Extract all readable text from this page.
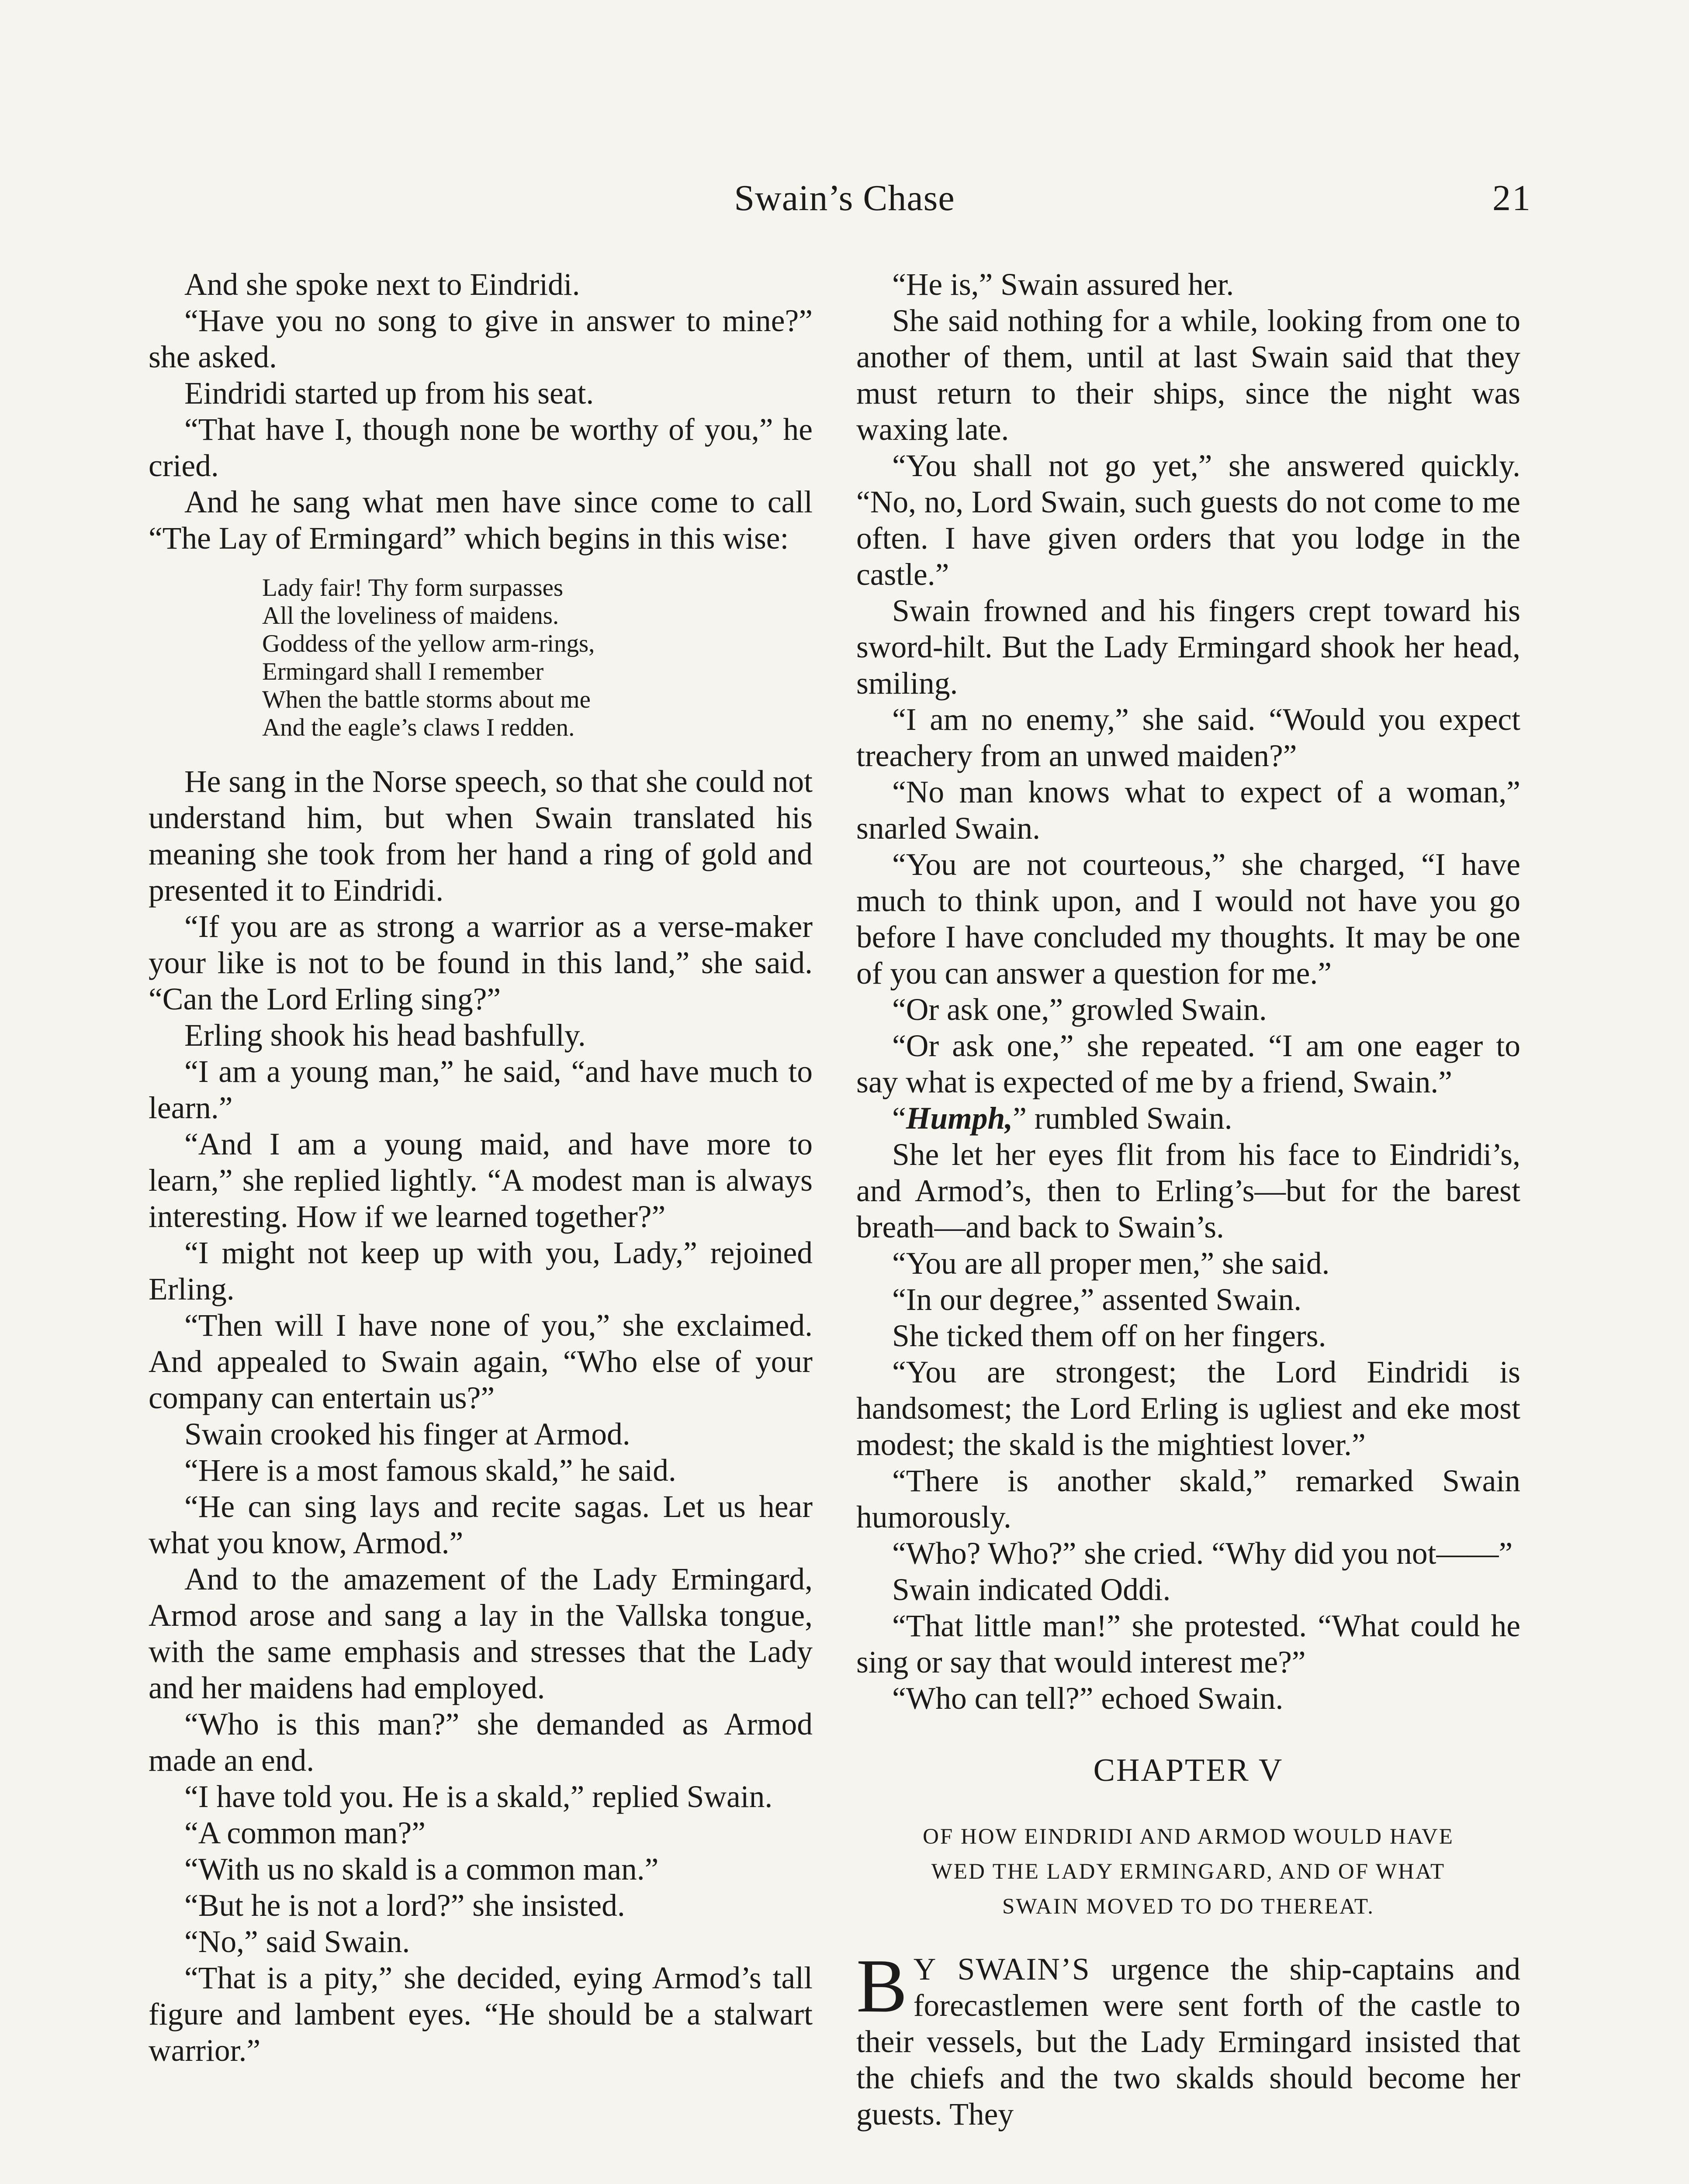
Swain’s Chase	21

And she spoke next to Eindridi.

“Have you no song to give in answer to mine?” she asked.

Eindridi started up from his seat.

“That have I, though none be worthy of you,” he cried.

And he sang what men have since come to call “The Lay of Ermingard” which begins in this wise:

Lady fair! Thy form surpasses
All the loveliness of maidens.
Goddess of the yellow arm-rings,
Ermingard shall I remember
When the battle storms about me
And the eagle’s claws I redden.

He sang in the Norse speech, so that she could not understand him, but when Swain translated his meaning she took from her hand a ring of gold and presented it to Eindridi.

“If you are as strong a warrior as a verse-maker your like is not to be found in this land,” she said. “Can the Lord Erling sing?”

Erling shook his head bashfully.

“I am a young man,” he said, “and have much to learn.”

“And I am a young maid, and have more to learn,” she replied lightly. “A modest man is always interesting. How if we learned together?”

“I might not keep up with you, Lady,” rejoined Erling.

“Then will I have none of you,” she exclaimed. And appealed to Swain again, “Who else of your company can entertain us?”

Swain crooked his finger at Armod.

“Here is a most famous skald,” he said.

“He can sing lays and recite sagas. Let us hear what you know, Armod.”

And to the amazement of the Lady Ermingard, Armod arose and sang a lay in the Vallska tongue, with the same emphasis and stresses that the Lady and her maidens had employed.

“Who is this man?” she demanded as Armod made an end.

“I have told you. He is a skald,” replied Swain.

“A common man?”

“With us no skald is a common man.”

“But he is not a lord?” she insisted.

“No,” said Swain.

“That is a pity,” she decided, eying Armod’s tall figure and lambent eyes. “He should be a stalwart warrior.”

“He is,” Swain assured her.

She said nothing for a while, looking from one to another of them, until at last Swain said that they must return to their ships, since the night was waxing late.

“You shall not go yet,” she answered quickly. “No, no, Lord Swain, such guests do not come to me often. I have given orders that you lodge in the castle.”

Swain frowned and his fingers crept toward his sword-hilt. But the Lady Ermingard shook her head, smiling.

“I am no enemy,” she said. “Would you expect treachery from an unwed maiden?”

“No man knows what to expect of a woman,” snarled Swain.

“You are not courteous,” she charged, “I have much to think upon, and I would not have you go before I have concluded my thoughts. It may be one of you can answer a question for me.”

“Or ask one,” growled Swain.

“Or ask one,” she repeated. “I am one eager to say what is expected of me by a friend, Swain.”

“Humph,” rumbled Swain.

She let her eyes flit from his face to Eindridi’s, and Armod’s, then to Erling’s—but for the barest breath—and back to Swain’s.

“You are all proper men,” she said.

“In our degree,” assented Swain.

She ticked them off on her fingers.

“You are strongest; the Lord Eindridi is handsomest; the Lord Erling is ugliest and eke most modest; the skald is the mightiest lover.”

“There is another skald,” remarked Swain humorously.

“Who? Who?” she cried. “Why did you not——”

Swain indicated Oddi.

“That little man!” she protested. “What could he sing or say that would interest me?”

“Who can tell?” echoed Swain.

CHAPTER V
OF HOW EINDRIDI AND ARMOD WOULD HAVE
WED THE LADY ERMINGARD, AND OF WHAT
SWAIN MOVED TO DO THEREAT.

B Y SWAIN’S urgence the ship-captains and forecastlemen were sent forth of the castle to their vessels, but the Lady Ermingard insisted that the chiefs and the two skalds should become her guests. They
